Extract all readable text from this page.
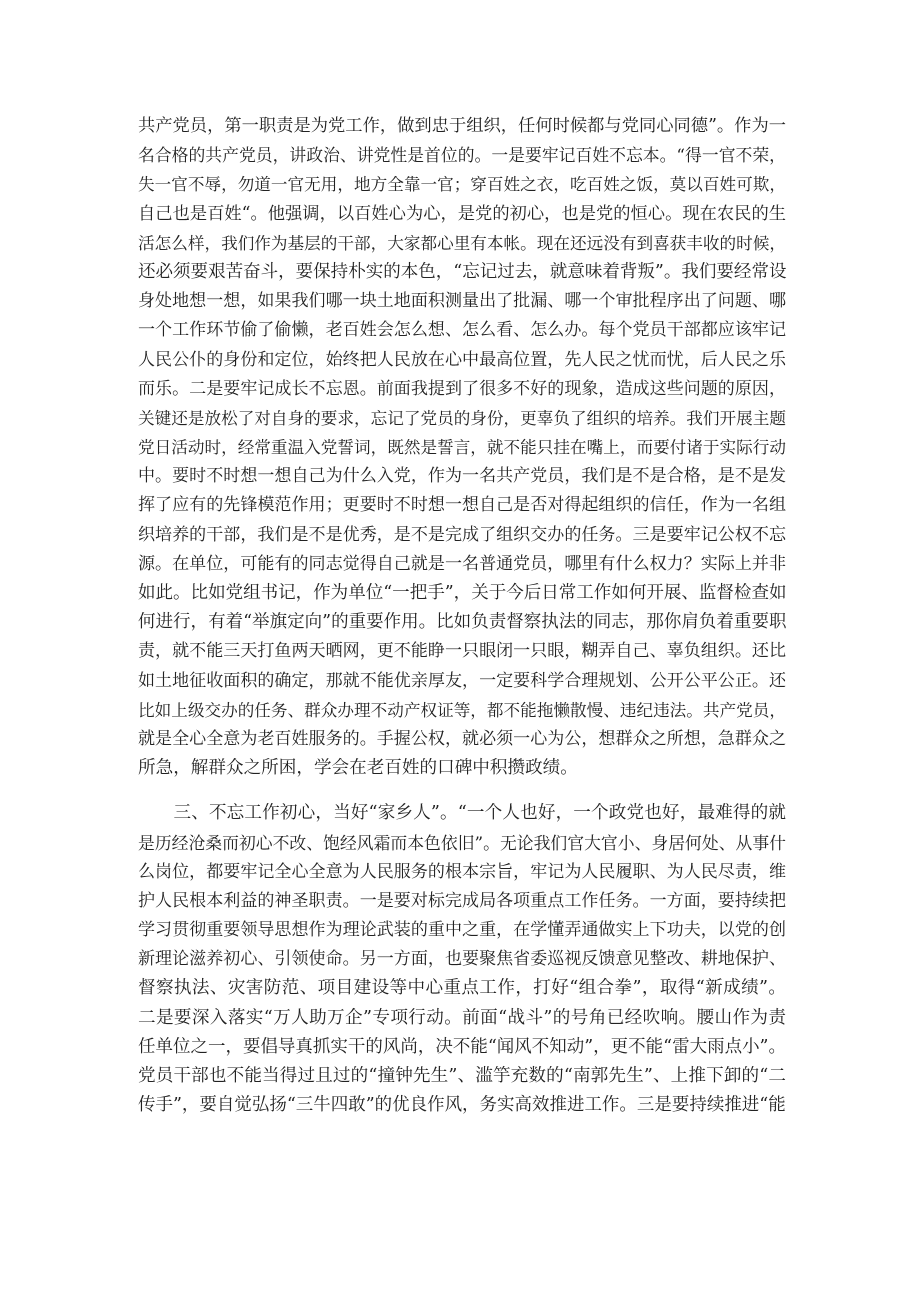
共产党员，第一职责是为党工作，做到忠于组织，任何时候都与党同心同德”。作为一
名合格的共产党员，讲政治、讲党性是首位的。一是要牢记百姓不忘本。“得一官不荣，
失一官不辱，勿道一官无用，地方全靠一官；穿百姓之衣，吃百姓之饭，莫以百姓可欺，
自己也是百姓“。他强调，以百姓心为心，是党的初心，也是党的恒心。现在农民的生
活怎么样，我们作为基层的干部，大家都心里有本帐。现在还远没有到喜获丰收的时候，
还必须要艰苦奋斗，要保持朴实的本色，“忘记过去，就意味着背叛”。我们要经常设
身处地想一想，如果我们哪一块土地面积测量出了批漏、哪一个审批程序出了问题、哪
一个工作环节偷了偷懒，老百姓会怎么想、怎么看、怎么办。每个党员干部都应该牢记
人民公仆的身份和定位，始终把人民放在心中最高位置，先人民之忧而忧，后人民之乐
而乐。二是要牢记成长不忘恩。前面我提到了很多不好的现象，造成这些问题的原因，
关键还是放松了对自身的要求，忘记了党员的身份，更辜负了组织的培养。我们开展主题
党日活动时，经常重温入党誓词，既然是誓言，就不能只挂在嘴上，而要付诸于实际行动
中。要时不时想一想自己为什么入党，作为一名共产党员，我们是不是合格，是不是发
挥了应有的先锋模范作用；更要时不时想一想自己是否对得起组织的信任，作为一名组
织培养的干部，我们是不是优秀，是不是完成了组织交办的任务。三是要牢记公权不忘
源。在单位，可能有的同志觉得自己就是一名普通党员，哪里有什么权力？实际上并非
如此。比如党组书记，作为单位“一把手”，关于今后日常工作如何开展、监督检查如
何进行，有着“举旗定向”的重要作用。比如负责督察执法的同志，那你肩负着重要职
责，就不能三天打鱼两天晒网，更不能睁一只眼闭一只眼，糊弄自己、辜负组织。还比
如土地征收面积的确定，那就不能优亲厚友，一定要科学合理规划、公开公平公正。还
比如上级交办的任务、群众办理不动产权证等，都不能拖懒散慢、违纪违法。共产党员，
就是全心全意为老百姓服务的。手握公权，就必须一心为公，想群众之所想，急群众之
所急，解群众之所困，学会在老百姓的口碑中积攒政绩。
　　三、不忘工作初心，当好“家乡人”。“一个人也好，一个政党也好，最难得的就
是历经沧桑而初心不改、饱经风霜而本色依旧”。无论我们官大官小、身居何处、从事什
么岗位，都要牢记全心全意为人民服务的根本宗旨，牢记为人民履职、为人民尽责，维
护人民根本利益的神圣职责。一是要对标完成局各项重点工作任务。一方面，要持续把
学习贯彻重要领导思想作为理论武装的重中之重，在学懂弄通做实上下功夫，以党的创
新理论滋养初心、引领使命。另一方面，也要聚焦省委巡视反馈意见整改、耕地保护、
督察执法、灾害防范、项目建设等中心重点工作，打好“组合拳”，取得“新成绩”。
二是要深入落实“万人助万企”专项行动。前面“战斗”的号角已经吹响。腰山作为责
任单位之一，要倡导真抓实干的风尚，决不能“闻风不知动”，更不能“雷大雨点小”。
党员干部也不能当得过且过的“撞钟先生”、滥竽充数的“南郭先生”、上推下卸的“二
传手”，要自觉弘扬“三牛四敢”的优良作风，务实高效推进工作。三是要持续推进“能
